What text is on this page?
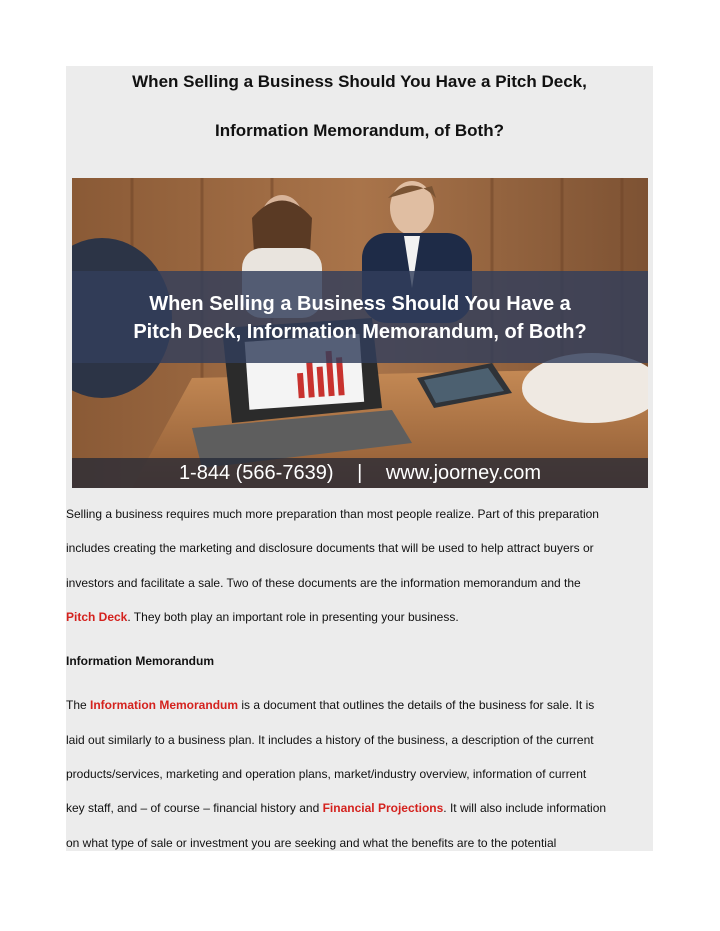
When Selling a Business Should You Have a Pitch Deck,
Information Memorandum, of Both?
When Selling a Business Should You Have a
Pitch Deck, Information Memorandum, of Both?
1-844 (566-7639) | www.joorney.com
Selling a business requires much more preparation than most people realize. Part of this preparation
includes creating the marketing and disclosure documents that will be used to help attract buyers or
investors and facilitate a sale. Two of these documents are the information memorandum and the
Pitch Deck. They both play an important role in presenting your business.
Information Memorandum
The Information Memorandum is a document that outlines the details of the business for sale. It is
laid out similarly to a business plan. It includes a history of the business, a description of the current
products/services, marketing and operation plans, market/industry overview, information of current
key staff, and – of course – financial history and Financial Projections. It will also include information
on what type of sale or investment you are seeking and what the benefits are to the potential
